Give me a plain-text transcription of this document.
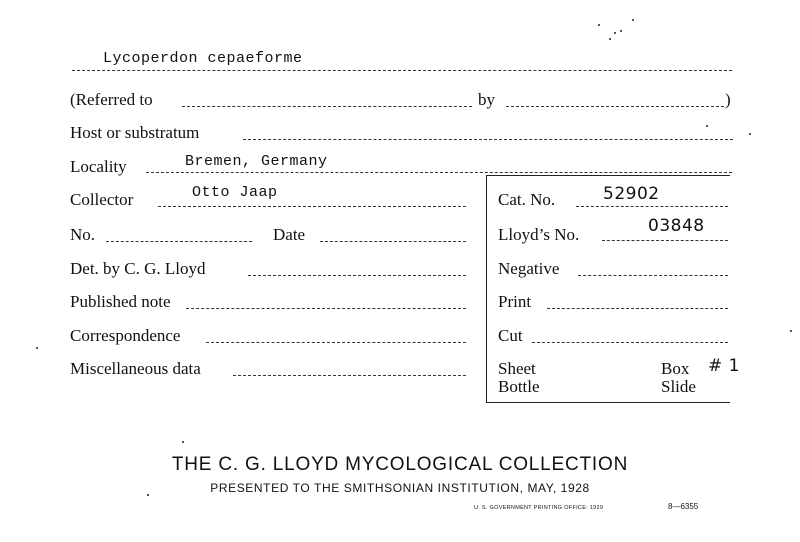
Lycoperdon cepaeforme
(Referred to	by	)
Host or substratum
Locality	Bremen, Germany
Collector	Otto Jaap	Cat. No.	52902
No.	Date	Lloyd’s No.	03848
Det. by C. G. Lloyd	Negative
Published note	Print
Correspondence	Cut
Miscellaneous data	Sheet	Box # 1
Bottle	Slide
THE C. G. LLOYD MYCOLOGICAL COLLECTION
PRESENTED TO THE SMITHSONIAN INSTITUTION, MAY, 1928
U. S. GOVERNMENT PRINTING OFFICE: 1929	8—6355
